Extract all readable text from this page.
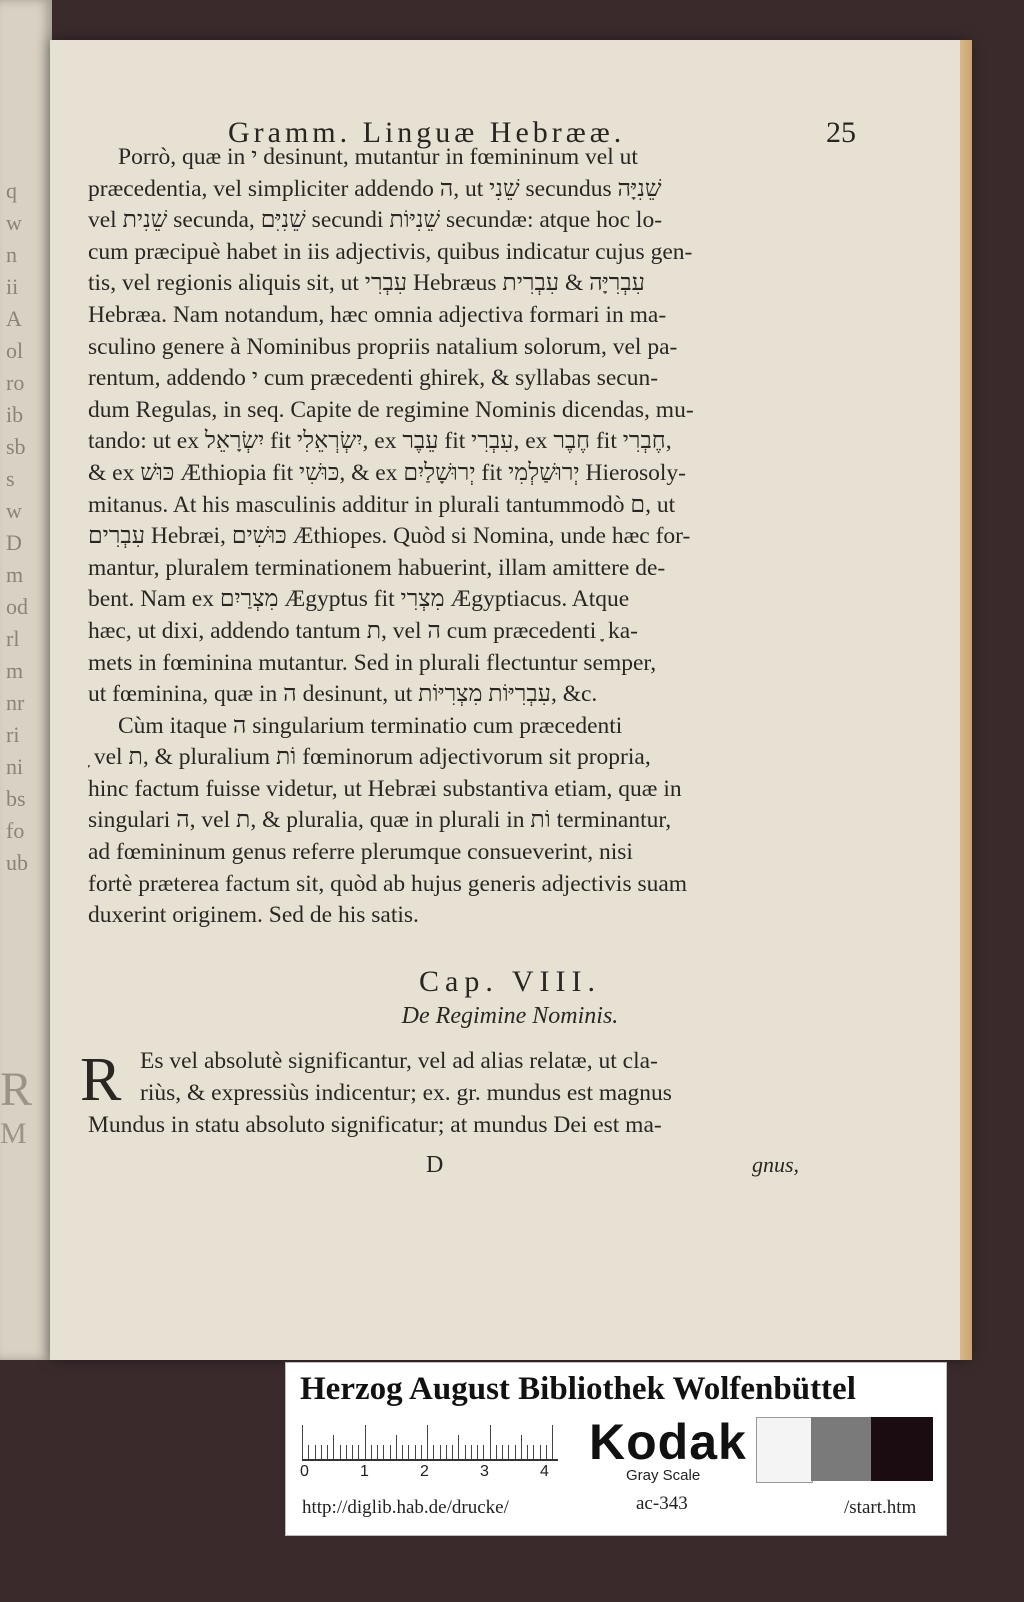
q
w
n
ii
A
ol
ro
ib
sb
s
w
D
m
od
rl
m
nr
ri
ni
bs
fo
ub
R
M
Gramm. Linguæ Hebrææ.	25
Porrò, quæ in י desinunt, mutantur in fœmininum vel ut
præcedentia, vel simpliciter addendo ה, ut שֵׁנִי secundus שֵׁנִיָּה
vel שֵׁנִית secunda, שֵׁנִיִּם secundi שֵׁנִיּוֹת secundæ: atque hoc lo-
cum præcipuè habet in iis adjectivis, quibus indicatur cujus gen-
tis, vel regionis aliquis sit, ut עִבְרִי Hebræus עִבְרִיָּה & עִבְרִית
Hebræa. Nam notandum, hæc omnia adjectiva formari in ma-
sculino genere à Nominibus propriis natalium solorum, vel pa-
rentum, addendo י cum præcedenti ghirek, & syllabas secun-
dum Regulas, in seq. Capite de regimine Nominis dicendas, mu-
tando: ut ex יִשְׂרָאֵל fit יִשְׂרְאֵלִי, ex עֵבֶר fit עִבְרִי, ex חֶבֶר fit חֶבְרִי,
& ex כּוּשׁ Æthiopia fit כּוּשִׁי, & ex יְרוּשָׁלַיִם fit יְרוּשַׁלְמִי Hierosoly-
mitanus. At his masculinis additur in plurali tantummodò ם, ut
עִבְרִים Hebræi, כּוּשִׁים Æthiopes. Quòd si Nomina, unde hæc for-
mantur, pluralem terminationem habuerint, illam amittere de-
bent. Nam ex מִצְרַיִם Ægyptus fit מִצְרִי Ægyptiacus. Atque
hæc, ut dixi, addendo tantum ת, vel ה cum præcedenti ָ ka-
mets in fœminina mutantur. Sed in plurali flectuntur semper,
ut fœminina, quæ in ה desinunt, ut עִבְרִיּוֹת מִצְרִיּוֹת, &c.
Cùm itaque ה singularium terminatio cum præcedenti
ָ vel ת, & pluralium וֹת fœminorum adjectivorum sit propria,
hinc factum fuisse videtur, ut Hebræi substantiva etiam, quæ in
singulari ה, vel ת, & pluralia, quæ in plurali in וֹת terminantur,
ad fœmininum genus referre plerumque consueverint, nisi
fortè præterea factum sit, quòd ab hujus generis adjectivis suam
duxerint originem. Sed de his satis.
Cap. VIII.
De Regimine Nominis.
R Es vel absolutè significantur, vel ad alias relatæ, ut cla-
riùs, & expressiùs indicentur; ex. gr. mundus est magnus
Mundus in statu absoluto significatur; at mundus Dei est ma-
D	gnus,
Herzog August Bibliothek Wolfenbüttel
0	1	2	3	4
Kodak
Gray Scale
http://diglib.hab.de/drucke/	ac-343	/start.htm
